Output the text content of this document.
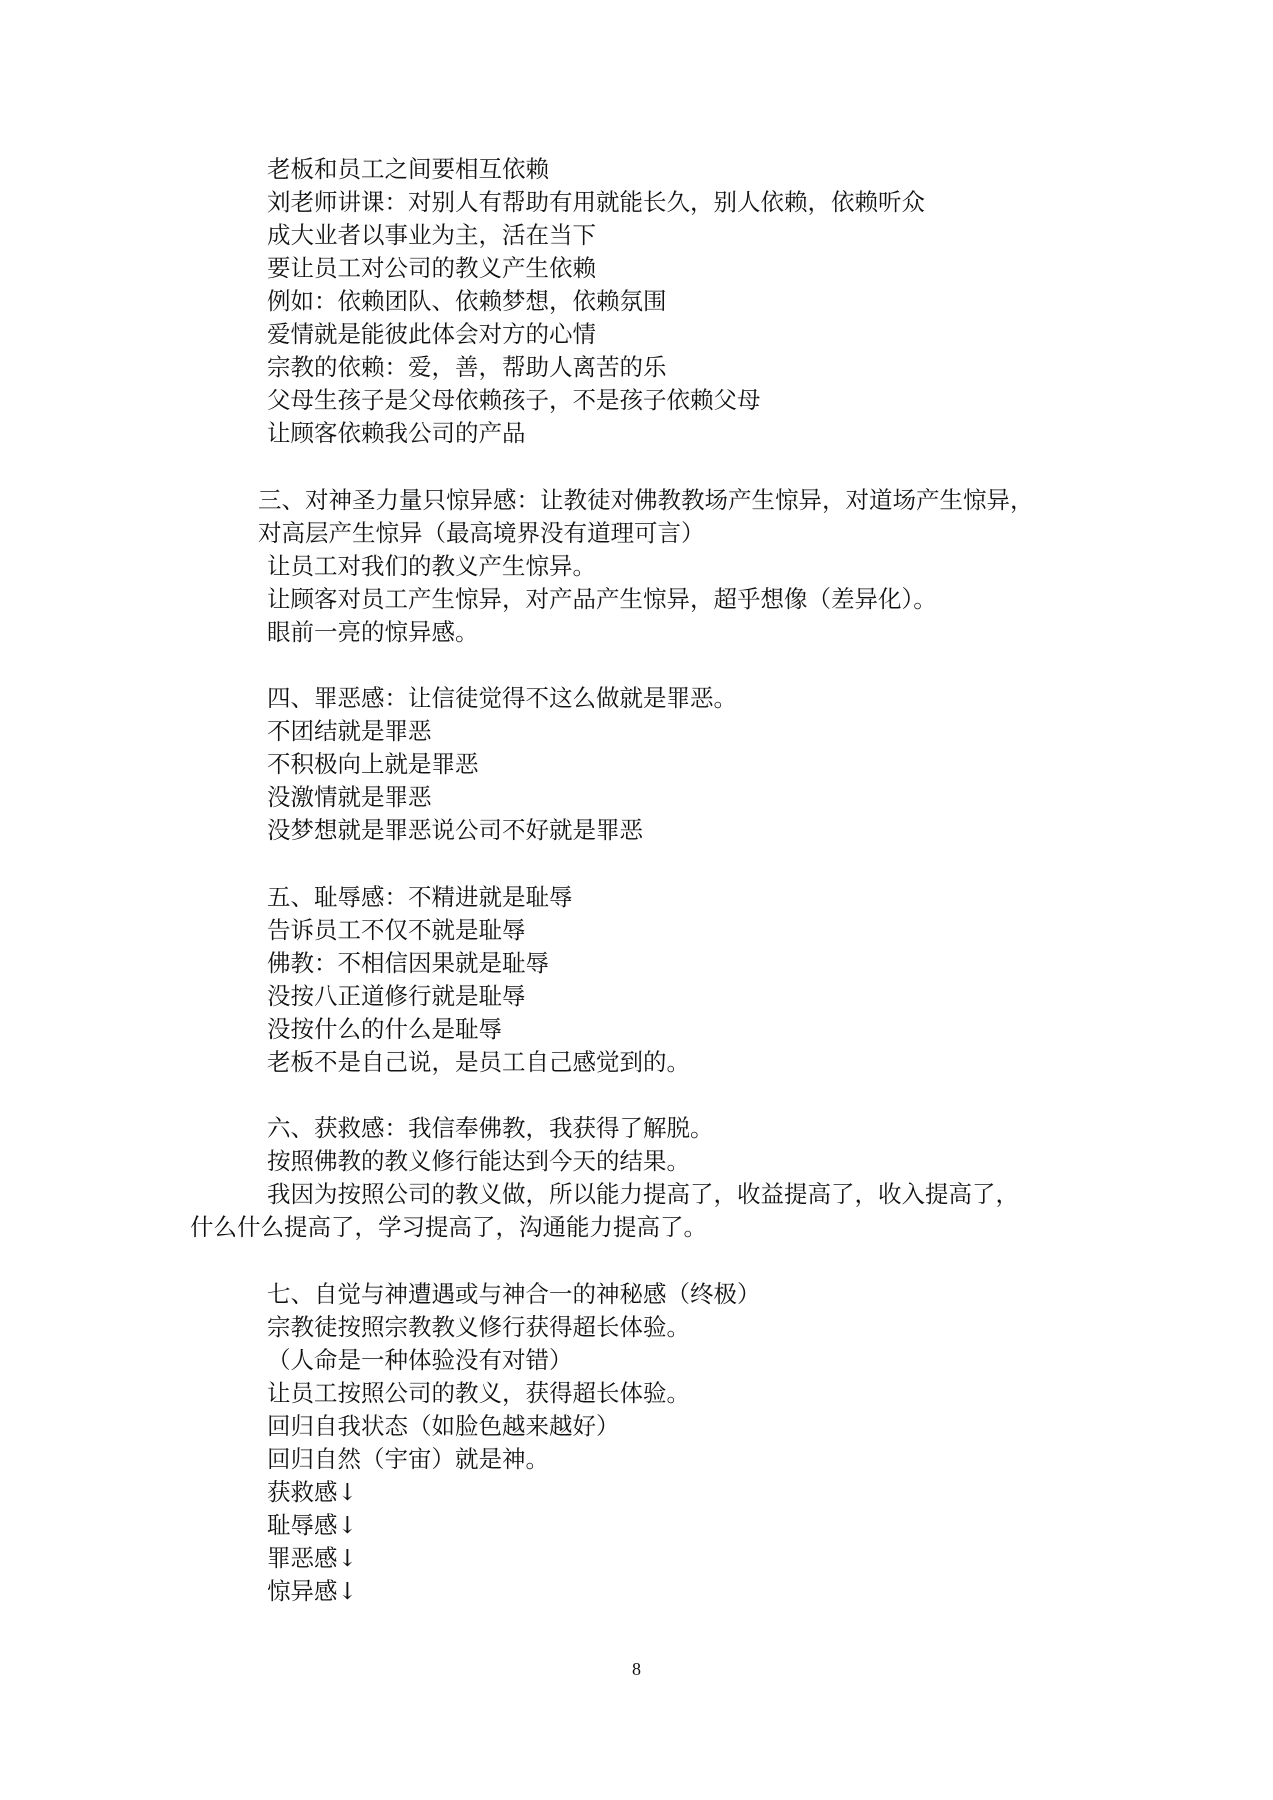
老板和员工之间要相互依赖
刘老师讲课：对别人有帮助有用就能长久，别人依赖，依赖听众
成大业者以事业为主，活在当下
要让员工对公司的教义产生依赖
例如：依赖团队、依赖梦想，依赖氛围
爱情就是能彼此体会对方的心情
宗教的依赖：爱，善，帮助人离苦的乐
父母生孩子是父母依赖孩子，不是孩子依赖父母
让顾客依赖我公司的产品
三、对神圣力量只惊异感：让教徒对佛教教场产生惊异，对道场产生惊异，
对高层产生惊异（最高境界没有道理可言）
让员工对我们的教义产生惊异。
让顾客对员工产生惊异，对产品产生惊异，超乎想像（差异化）。
眼前一亮的惊异感。
四、罪恶感：让信徒觉得不这么做就是罪恶。
不团结就是罪恶
不积极向上就是罪恶
没激情就是罪恶
没梦想就是罪恶说公司不好就是罪恶
五、耻辱感：不精进就是耻辱
告诉员工不仅不就是耻辱
佛教：不相信因果就是耻辱
没按八正道修行就是耻辱
没按什么的什么是耻辱
老板不是自己说，是员工自己感觉到的。
六、获救感：我信奉佛教，我获得了解脱。
按照佛教的教义修行能达到今天的结果。
我因为按照公司的教义做，所以能力提高了，收益提高了，收入提高了，
什么什么提高了，学习提高了，沟通能力提高了。
七、自觉与神遭遇或与神合一的神秘感（终极）
宗教徒按照宗教教义修行获得超长体验。
（人命是一种体验没有对错）
让员工按照公司的教义，获得超长体验。
回归自我状态（如脸色越来越好）
回归自然（宇宙）就是神。
获救感↓
耻辱感↓
罪恶感↓
惊异感↓
8
